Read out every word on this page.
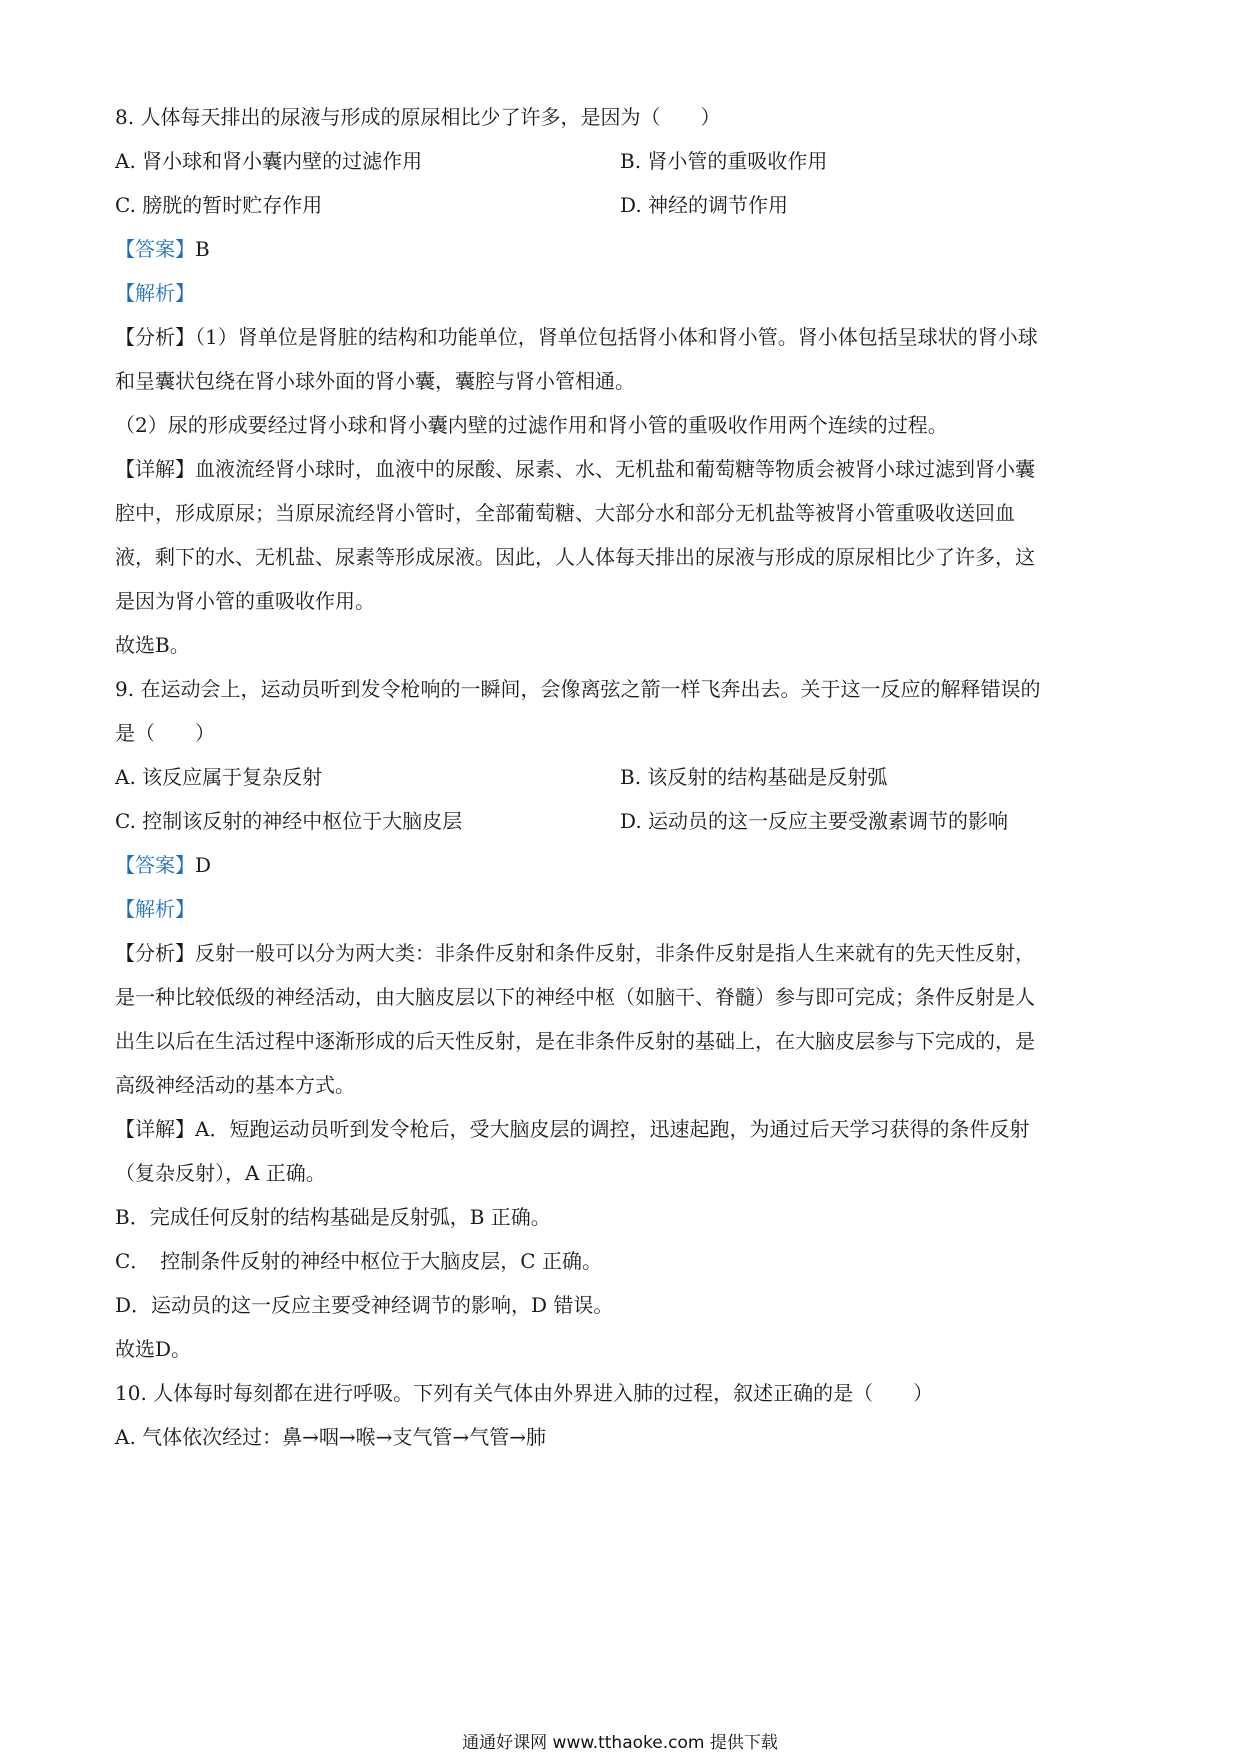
8. 人体每天排出的尿液与形成的原尿相比少了许多，是因为（　　）
A. 肾小球和肾小囊内壁的过滤作用	B. 肾小管的重吸收作用
C. 膀胱的暂时贮存作用	D. 神经的调节作用
【答案】B
【解析】
【分析】（1）肾单位是肾脏的结构和功能单位，肾单位包括肾小体和肾小管。肾小体包括呈球状的肾小球
和呈囊状包绕在肾小球外面的肾小囊，囊腔与肾小管相通。
（2）尿的形成要经过肾小球和肾小囊内壁的过滤作用和肾小管的重吸收作用两个连续的过程。
【详解】血液流经肾小球时，血液中的尿酸、尿素、水、无机盐和葡萄糖等物质会被肾小球过滤到肾小囊
腔中，形成原尿；当原尿流经肾小管时，全部葡萄糖、大部分水和部分无机盐等被肾小管重吸收送回血
液，剩下的水、无机盐、尿素等形成尿液。因此，人人体每天排出的尿液与形成的原尿相比少了许多，这
是因为肾小管的重吸收作用。
故选B。
9. 在运动会上，运动员听到发令枪响的一瞬间，会像离弦之箭一样飞奔出去。关于这一反应的解释错误的
是（　　）
A. 该反应属于复杂反射	B. 该反射的结构基础是反射弧
C. 控制该反射的神经中枢位于大脑皮层	D. 运动员的这一反应主要受激素调节的影响
【答案】D
【解析】
【分析】反射一般可以分为两大类：非条件反射和条件反射，非条件反射是指人生来就有的先天性反射，
是一种比较低级的神经活动，由大脑皮层以下的神经中枢（如脑干、脊髓）参与即可完成；条件反射是人
出生以后在生活过程中逐渐形成的后天性反射，是在非条件反射的基础上，在大脑皮层参与下完成的，是
高级神经活动的基本方式。
【详解】A．短跑运动员听到发令枪后，受大脑皮层的调控，迅速起跑，为通过后天学习获得的条件反射
（复杂反射），A 正确。
B．完成任何反射的结构基础是反射弧，B 正确。
C．　控制条件反射的神经中枢位于大脑皮层，C 正确。
D．运动员的这一反应主要受神经调节的影响，D 错误。
故选D。
10. 人体每时每刻都在进行呼吸。下列有关气体由外界进入肺的过程，叙述正确的是（　　）
A. 气体依次经过：鼻→咽→喉→支气管→气管→肺
通通好课网 www.tthaoke.com 提供下载
